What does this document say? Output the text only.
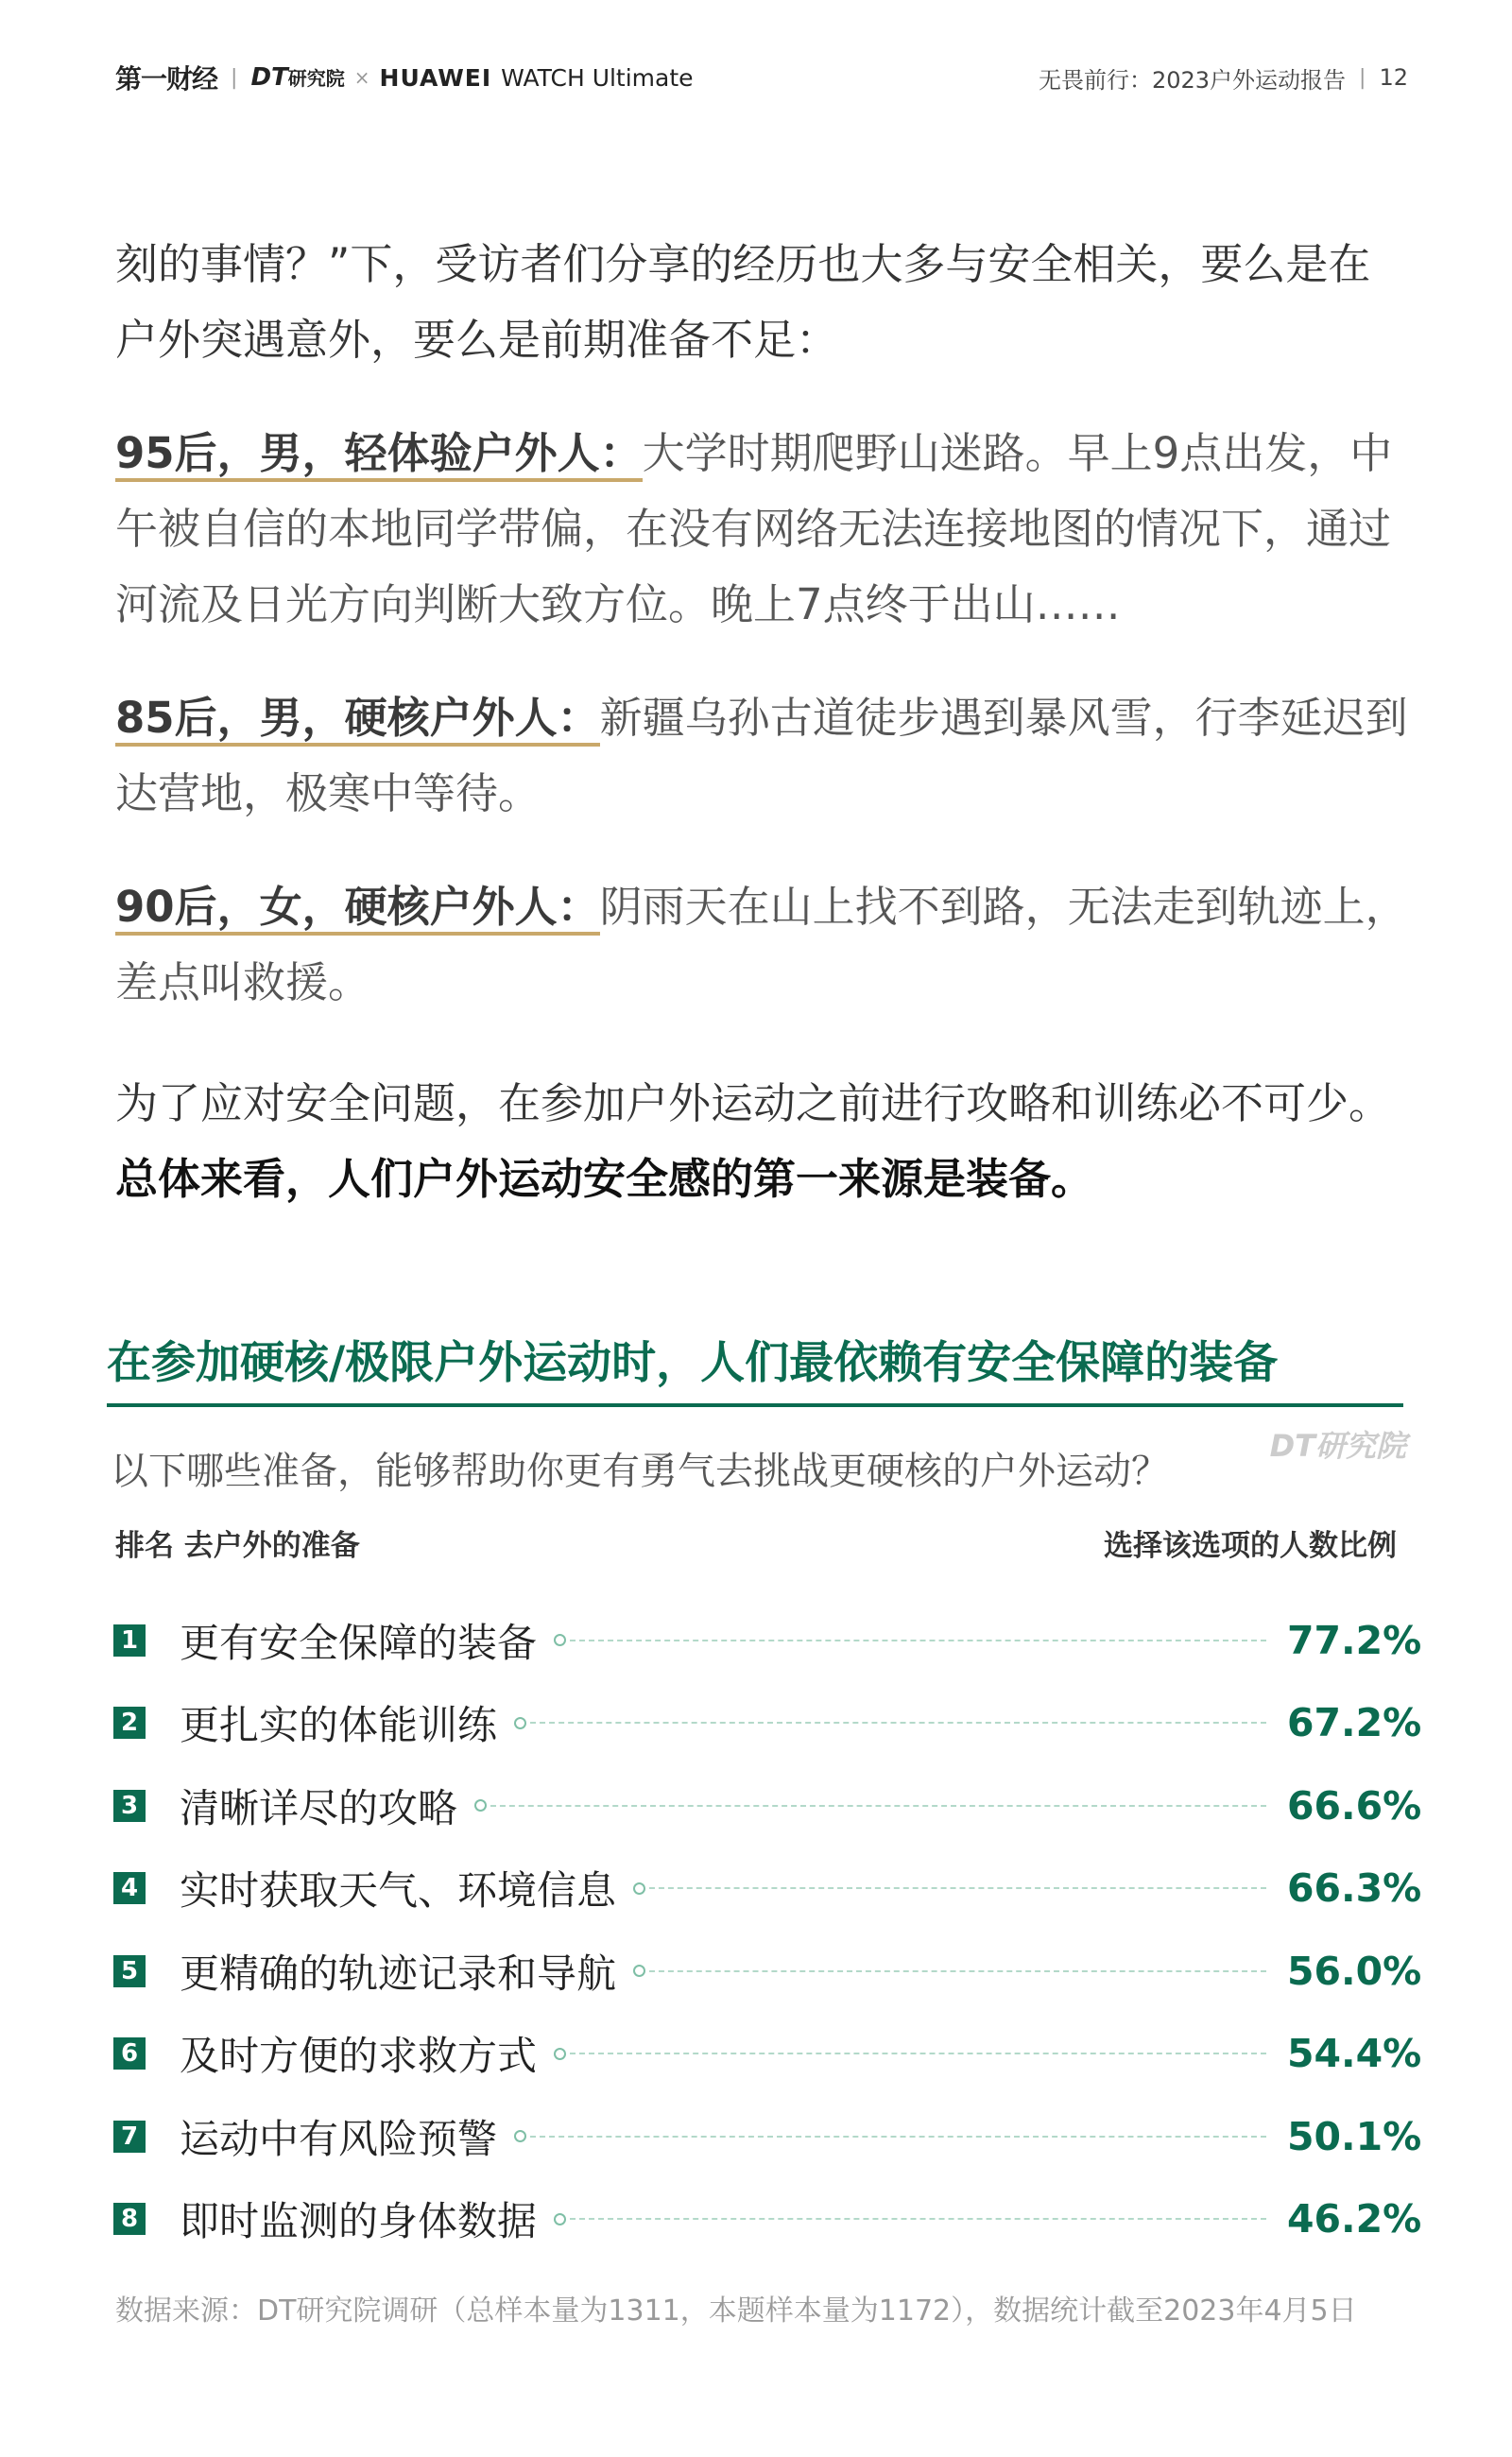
第一财经 | DT研究院 × HUAWEI WATCH Ultimate	无畏前行：2023户外运动报告 | 12

刻的事情？”下，受访者们分享的经历也大多与安全相关，要么是在户外突遇意外，要么是前期准备不足：

95后，男，轻体验户外人：大学时期爬野山迷路。早上9点出发，中午被自信的本地同学带偏，在没有网络无法连接地图的情况下，通过河流及日光方向判断大致方位。晚上7点终于出山……

85后，男，硬核户外人：新疆乌孙古道徒步遇到暴风雪，行李延迟到达营地，极寒中等待。

90后，女，硬核户外人：阴雨天在山上找不到路，无法走到轨迹上，差点叫救援。

为了应对安全问题，在参加户外运动之前进行攻略和训练必不可少。
总体来看，人们户外运动安全感的第一来源是装备。

在参加硬核/极限户外运动时，人们最依赖有安全保障的装备
以下哪些准备，能够帮助你更有勇气去挑战更硬核的户外运动？
DT研究院
排名 去户外的准备	选择该选项的人数比例
1 更有安全保障的装备	77.2%
2 更扎实的体能训练	67.2%
3 清晰详尽的攻略	66.6%
4 实时获取天气、环境信息	66.3%
5 更精确的轨迹记录和导航	56.0%
6 及时方便的求救方式	54.4%
7 运动中有风险预警	50.1%
8 即时监测的身体数据	46.2%
数据来源：DT研究院调研（总样本量为1311，本题样本量为1172），数据统计截至2023年4月5日
